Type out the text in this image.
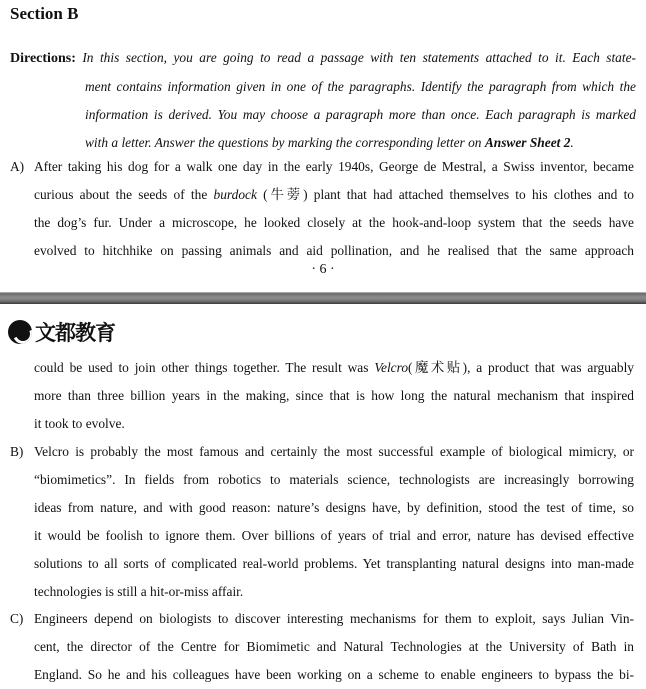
Section B
Directions: In this section, you are going to read a passage with ten statements attached to it. Each state-
ment contains information given in one of the paragraphs. Identify the paragraph from which the
information is derived. You may choose a paragraph more than once. Each paragraph is marked
with a letter. Answer the questions by marking the corresponding letter on Answer Sheet 2.
A) After taking his dog for a walk one day in the early 1940s, George de Mestral, a Swiss inventor, became
curious about the seeds of the burdock (牛蒡) plant that had attached themselves to his clothes and to
the dog’s fur. Under a microscope, he looked closely at the hook-and-loop system that the seeds have
evolved to hitchhike on passing animals and aid pollination, and he realised that the same approach
· 6 ·
文都教育
could be used to join other things together. The result was Velcro(魔术贴), a product that was arguably
more than three billion years in the making, since that is how long the natural mechanism that inspired
it took to evolve.
B) Velcro is probably the most famous and certainly the most successful example of biological mimicry, or
“biomimetics”. In fields from robotics to materials science, technologists are increasingly borrowing
ideas from nature, and with good reason: nature’s designs have, by definition, stood the test of time, so
it would be foolish to ignore them. Over billions of years of trial and error, nature has devised effective
solutions to all sorts of complicated real-world problems. Yet transplanting natural designs into man-made
technologies is still a hit-or-miss affair.
C) Engineers depend on biologists to discover interesting mechanisms for them to exploit, says Julian Vin-
cent, the director of the Centre for Biomimetic and Natural Technologies at the University of Bath in
England. So he and his colleagues have been working on a scheme to enable engineers to bypass the bi-
